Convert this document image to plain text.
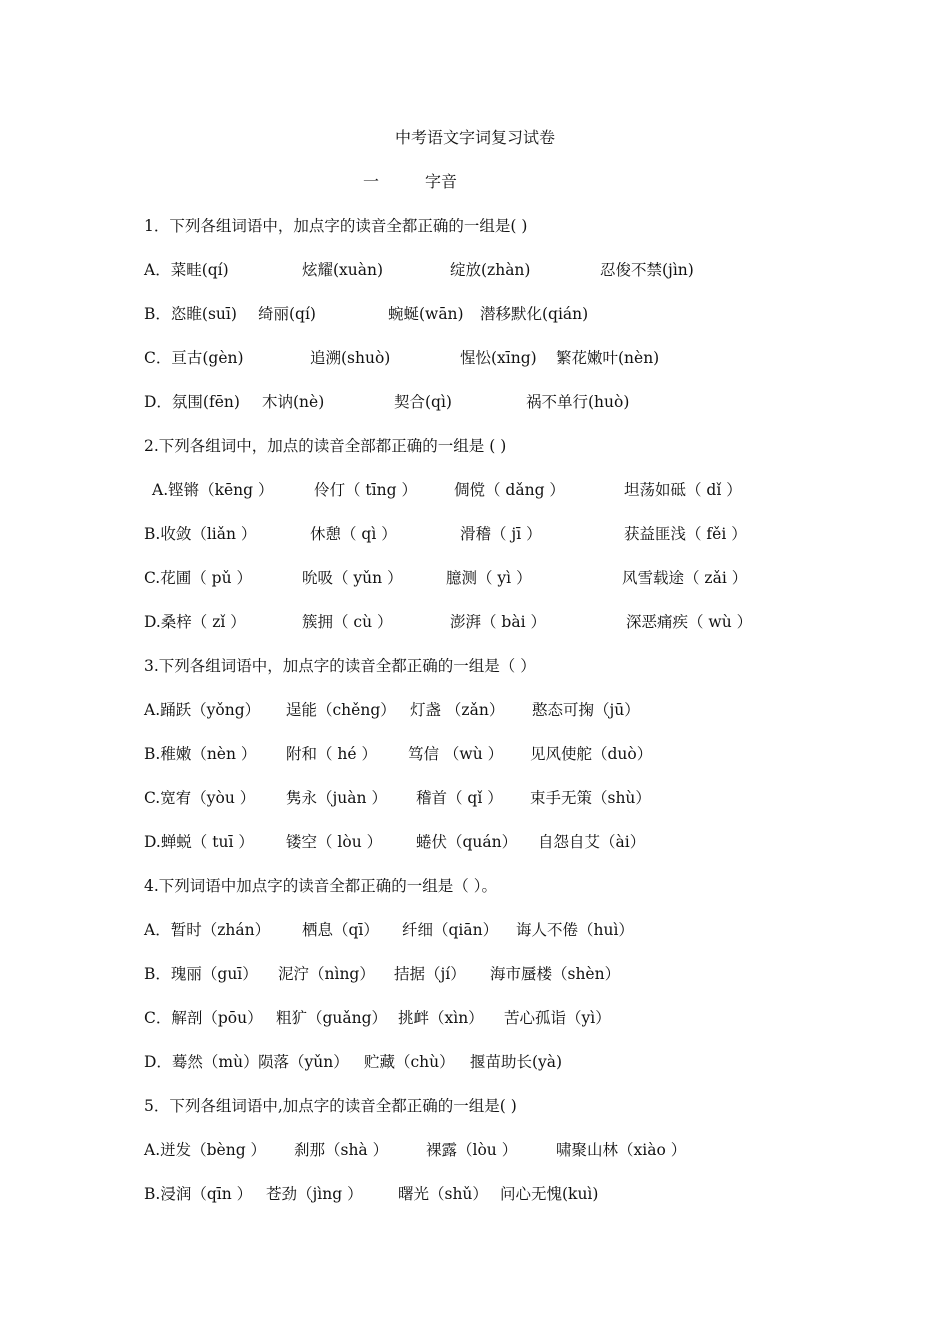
中考语文字词复习试卷
一	字音
1．下列各组词语中，加点字的读音全都正确的一组是( )
A．菜畦(qí)	炫耀(xuàn)	绽放(zhàn)	忍俊不禁(jìn)
B．恣睢(suī) 绮丽(qí)	蜿蜒(wān) 潜移默化(qián)
C．亘古(gèn)	追溯(shuò)	惺忪(xīng) 繁花嫩叶(nèn)
D．氛围(fēn) 木讷(nè)	契合(qì)	祸不单行(huò)
2.下列各组词中，加点的读音全部都正确的一组是 ( )
A.铿锵（kēng ）	伶仃（ tīng ） 倜傥（ dǎng ）	坦荡如砥（ dǐ ）
B.收敛（liǎn ）	休憩（ qì ）	滑稽（ jī ）	获益匪浅（ fěi ）
C.花圃（ pǔ ）	吮吸（ yǔn ）	臆测（ yì ）	风雪载途（ zǎi ）
D.桑梓（ zǐ ）	簇拥（ cù ）	澎湃（ bài ）	深恶痛疾（ wù ）
3.下列各组词语中，加点字的读音全都正确的一组是（ ）
A.踊跃（yǒng） 逞能（chěng） 灯盏 （zǎn） 憨态可掬（jū）
B.稚嫩（nèn ） 附和（ hé ） 笃信 （wù ） 见风使舵（duò）
C.宽宥（yòu ） 隽永（juàn ） 稽首（ qǐ ） 束手无策（shù）
D.蝉蜕（ tuī ） 镂空（ lòu ） 蜷伏（quán） 自怨自艾（ài）
4.下列词语中加点字的读音全都正确的一组是（ ）。
A．暂时（zhán） 栖息（qī） 纤细（qiān） 诲人不倦（huì）
B．瑰丽（guī） 泥泞（nìng） 拮据（jí） 海市蜃楼（shèn）
C．解剖（pōu） 粗犷（guǎng） 挑衅（xìn） 苦心孤诣（yì）
D．蓦然（mù） 陨落（yǔn） 贮藏（chù） 揠苗助长(yà)
5．下列各组词语中,加点字的读音全都正确的一组是( )
A.迸发（bèng ） 刹那（shà ） 裸露（lòu ）	啸聚山林（xiào ）
B.浸润（qīn ） 苍劲（jìng ） 曙光（shǔ） 问心无愧(kuì)
